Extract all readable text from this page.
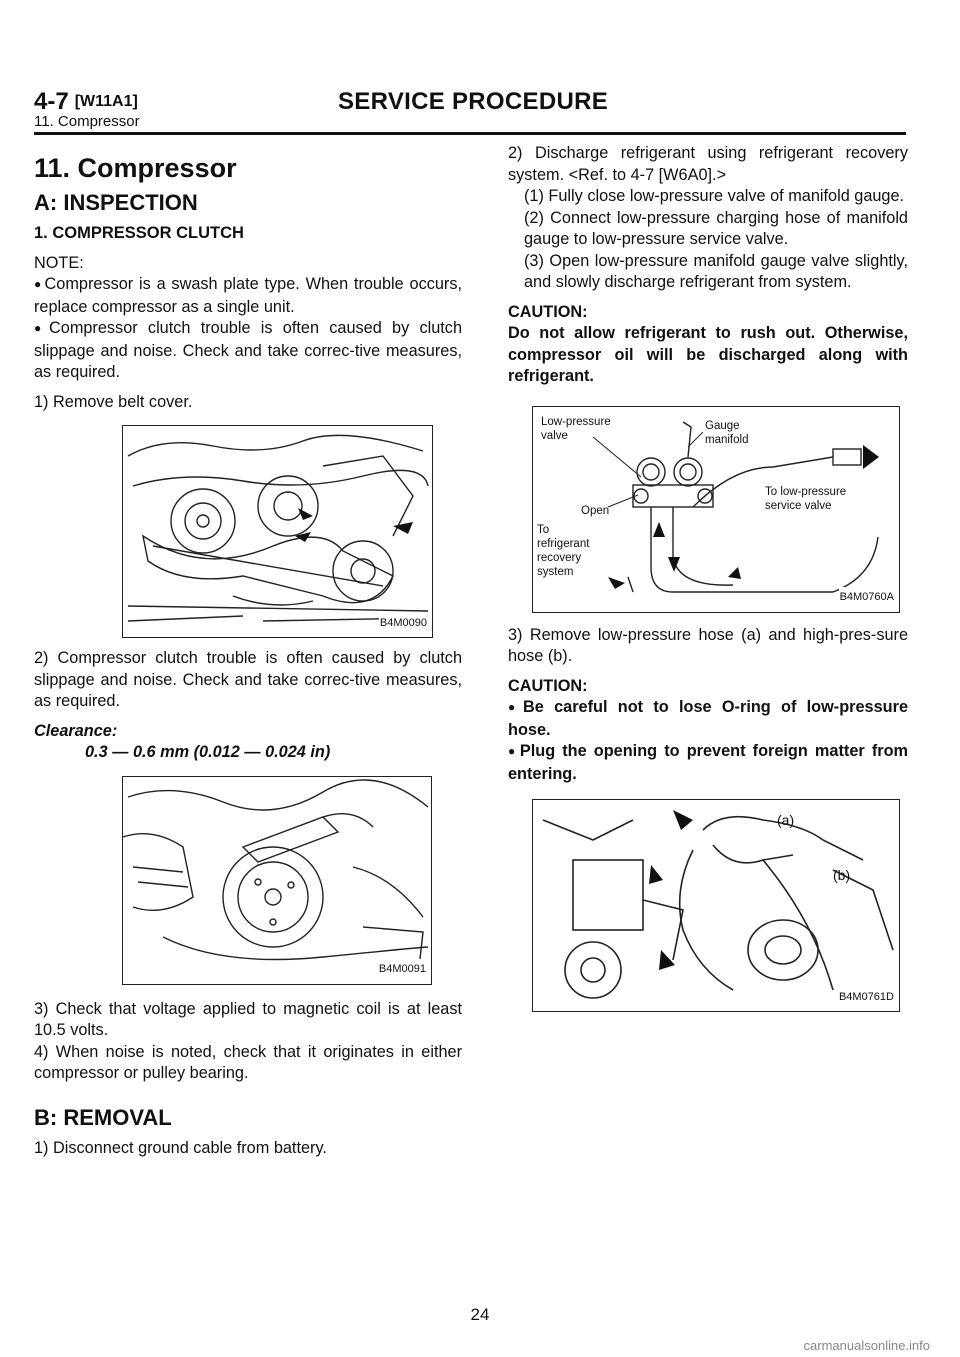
4-7 [W11A1]	SERVICE PROCEDURE
11. Compressor
11. Compressor
A: INSPECTION
1. COMPRESSOR CLUTCH

NOTE:

● Compressor is a swash plate type. When trouble occurs, replace compressor as a single unit.

● Compressor clutch trouble is often caused by clutch slippage and noise. Check and take correc-tive measures, as required.

1) Remove belt cover.

B4M0090

2) Compressor clutch trouble is often caused by clutch slippage and noise. Check and take correc-tive measures, as required.

Clearance:

0.3 — 0.6 mm (0.012 — 0.024 in)

B4M0091

3) Check that voltage applied to magnetic coil is at least 10.5 volts.

4) When noise is noted, check that it originates in either compressor or pulley bearing.

B: REMOVAL

1) Disconnect ground cable from battery.

2) Discharge refrigerant using refrigerant recovery system. <Ref. to 4-7 [W6A0].>

(1) Fully close low-pressure valve of manifold gauge.

(2) Connect low-pressure charging hose of manifold gauge to low-pressure service valve.

(3) Open low-pressure manifold gauge valve slightly, and slowly discharge refrigerant from system.

CAUTION:

Do not allow refrigerant to rush out. Otherwise, compressor oil will be discharged along with refrigerant.

Low-pressure
valve
Gauge
manifold
To low-pressure
service valve
Open
To
refrigerant
recovery
system
B4M0760A

3) Remove low-pressure hose (a) and high-pres-sure hose (b).

CAUTION:

● Be careful not to lose O-ring of low-pressure hose.

● Plug the opening to prevent foreign matter from entering.

(a)
(b)
B4M0761D
24
carmanualsonline.info
